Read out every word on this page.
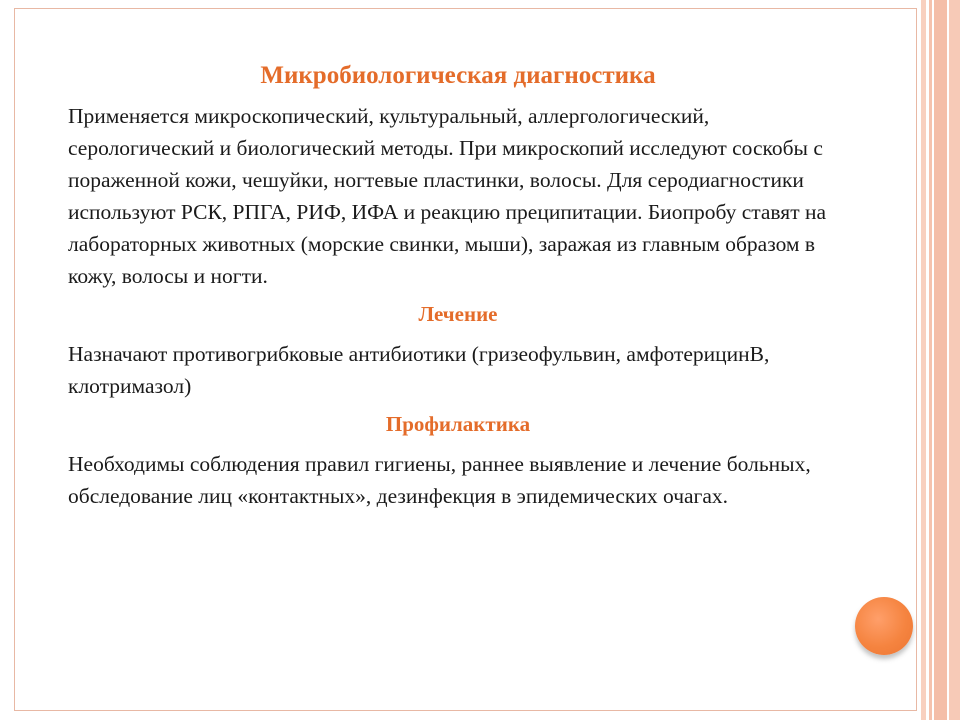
Микробиологическая диагностика

Применяется микроскопический, культуральный, аллергологический, серологический и биологический методы. При микроскопий исследуют соскобы с пораженной кожи, чешуйки, ногтевые пластинки, волосы. Для серодиагностики используют РСК, РПГА, РИФ, ИФА и реакцию преципитации. Биопробу ставят на лабораторных животных (морские свинки, мыши), заражая из главным образом в кожу, волосы и ногти.

Лечение

Назначают противогрибковые антибиотики (гризеофульвин, амфотерицинВ, клотримазол)

Профилактика

Необходимы соблюдения правил гигиены, раннее выявление и лечение больных, обследование лиц «контактных», дезинфекция в эпидемических очагах.
